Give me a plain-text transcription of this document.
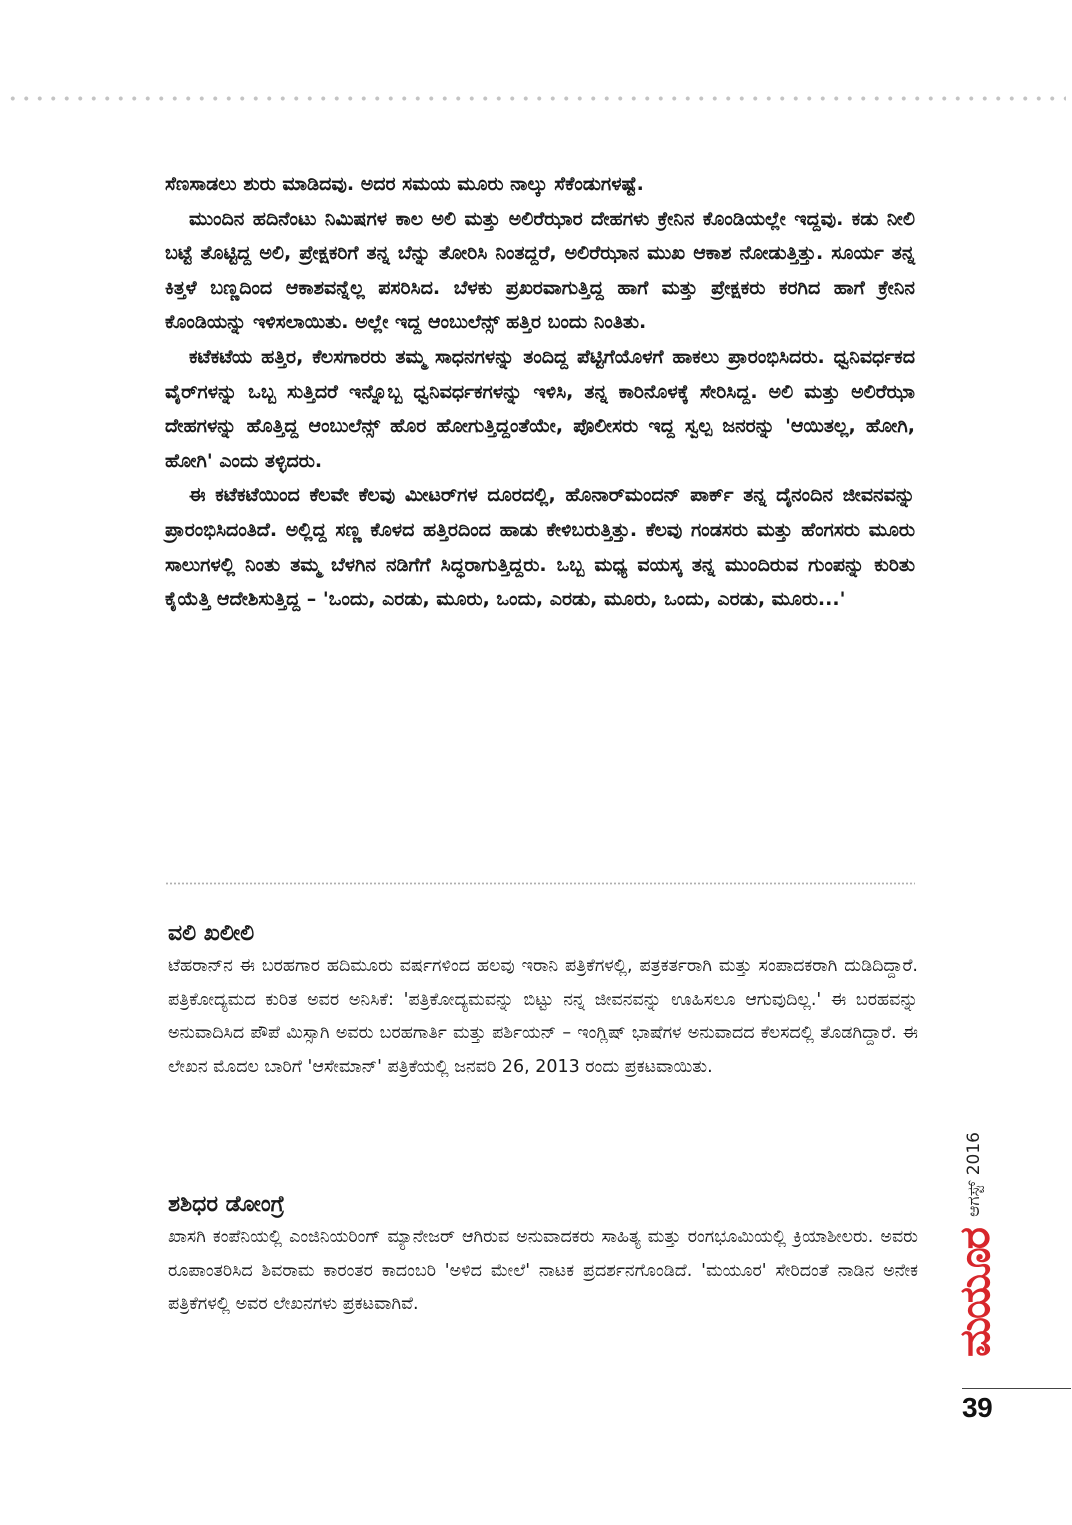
ಸೆಣಸಾಡಲು ಶುರು ಮಾಡಿದವು. ಅದರ ಸಮಯ ಮೂರು ನಾಲ್ಕು ಸೆಕೆಂಡುಗಳಷ್ಟೆ.

ಮುಂದಿನ ಹದಿನೆಂಟು ನಿಮಿಷಗಳ ಕಾಲ ಅಲಿ ಮತ್ತು ಅಲಿರೆಝಾರ ದೇಹಗಳು ಕ್ರೇನಿನ ಕೊಂಡಿಯಲ್ಲೇ ಇದ್ದವು. ಕಡು ನೀಲಿ ಬಟ್ಟೆ ತೊಟ್ಟಿದ್ದ ಅಲಿ, ಪ್ರೇಕ್ಷಕರಿಗೆ ತನ್ನ ಬೆನ್ನು ತೋರಿಸಿ ನಿಂತದ್ದರೆ, ಅಲಿರೆಝಾನ ಮುಖ ಆಕಾಶ ನೋಡುತ್ತಿತ್ತು. ಸೂರ್ಯ ತನ್ನ ಕಿತ್ತಳೆ ಬಣ್ಣದಿಂದ ಆಕಾಶವನ್ನೆಲ್ಲ ಪಸರಿಸಿದ. ಬೆಳಕು ಪ್ರಖರವಾಗುತ್ತಿದ್ದ ಹಾಗೆ ಮತ್ತು ಪ್ರೇಕ್ಷಕರು ಕರಗಿದ ಹಾಗೆ ಕ್ರೇನಿನ ಕೊಂಡಿಯನ್ನು ಇಳಿಸಲಾಯಿತು. ಅಲ್ಲೇ ಇದ್ದ ಆಂಬುಲೆನ್ಸ್ ಹತ್ತಿರ ಬಂದು ನಿಂತಿತು.

ಕಟೆಕಟೆಯ ಹತ್ತಿರ, ಕೆಲಸಗಾರರು ತಮ್ಮ ಸಾಧನಗಳನ್ನು ತಂದಿದ್ದ ಪೆಟ್ಟಿಗೆಯೊಳಗೆ ಹಾಕಲು ಪ್ರಾರಂಭಿಸಿದರು. ಧ್ವನಿವರ್ಧಕದ ವೈರ್‌ಗಳನ್ನು ಒಬ್ಬ ಸುತ್ತಿದರೆ ಇನ್ನೊಬ್ಬ ಧ್ವನಿವರ್ಧಕಗಳನ್ನು ಇಳಿಸಿ, ತನ್ನ ಕಾರಿನೊಳಕ್ಕೆ ಸೇರಿಸಿದ್ದ. ಅಲಿ ಮತ್ತು ಅಲಿರೆಝಾ ದೇಹಗಳನ್ನು ಹೊತ್ತಿದ್ದ ಆಂಬುಲೆನ್ಸ್ ಹೊರ ಹೋಗುತ್ತಿದ್ದಂತೆಯೇ, ಪೊಲೀಸರು ಇದ್ದ ಸ್ವಲ್ಪ ಜನರನ್ನು 'ಆಯಿತಲ್ಲ, ಹೋಗಿ, ಹೋಗಿ' ಎಂದು ತಳ್ಳಿದರು.

ಈ ಕಟೆಕಟೆಯಿಂದ ಕೆಲವೇ ಕೆಲವು ಮೀಟರ್‌ಗಳ ದೂರದಲ್ಲಿ, ಹೊನಾರ್‌ಮಂದನ್ ಪಾರ್ಕ್ ತನ್ನ ದೈನಂದಿನ ಜೀವನವನ್ನು ಪ್ರಾರಂಭಿಸಿದಂತಿದೆ. ಅಲ್ಲಿದ್ದ ಸಣ್ಣ ಕೊಳದ ಹತ್ತಿರದಿಂದ ಹಾಡು ಕೇಳಿಬರುತ್ತಿತ್ತು. ಕೆಲವು ಗಂಡಸರು ಮತ್ತು ಹೆಂಗಸರು ಮೂರು ಸಾಲುಗಳಲ್ಲಿ ನಿಂತು ತಮ್ಮ ಬೆಳಗಿನ ನಡಿಗೆಗೆ ಸಿದ್ಧರಾಗುತ್ತಿದ್ದರು. ಒಬ್ಬ ಮಧ್ಯ ವಯಸ್ಕ ತನ್ನ ಮುಂದಿರುವ ಗುಂಪನ್ನು ಕುರಿತು ಕೈಯೆತ್ತಿ ಆದೇಶಿಸುತ್ತಿದ್ದ – 'ಒಂದು, ಎರಡು, ಮೂರು, ಒಂದು, ಎರಡು, ಮೂರು, ಒಂದು, ಎರಡು, ಮೂರು...'

ವಲಿ ಖಲೀಲಿ

ಟೆಹರಾನ್‌ನ ಈ ಬರಹಗಾರ ಹದಿಮೂರು ವರ್ಷಗಳಿಂದ ಹಲವು ಇರಾನಿ ಪತ್ರಿಕೆಗಳಲ್ಲಿ, ಪತ್ರಕರ್ತರಾಗಿ ಮತ್ತು ಸಂಪಾದಕರಾಗಿ ದುಡಿದಿದ್ದಾರೆ. ಪತ್ರಿಕೋದ್ಯಮದ ಕುರಿತ ಅವರ ಅನಿಸಿಕೆ: 'ಪತ್ರಿಕೋದ್ಯಮವನ್ನು ಬಿಟ್ಟು ನನ್ನ ಜೀವನವನ್ನು ಊಹಿಸಲೂ ಆಗುವುದಿಲ್ಲ.' ಈ ಬರಹವನ್ನು ಅನುವಾದಿಸಿದ ಪೌಪೆ ಮಿಸ್ಸಾಗಿ ಅವರು ಬರಹಗಾರ್ತಿ ಮತ್ತು ಪರ್ಶಿಯನ್ – ಇಂಗ್ಲಿಷ್ ಭಾಷೆಗಳ ಅನುವಾದದ ಕೆಲಸದಲ್ಲಿ ತೊಡಗಿದ್ದಾರೆ. ಈ ಲೇಖನ ಮೊದಲ ಬಾರಿಗೆ 'ಆಸೇಮಾನ್' ಪತ್ರಿಕೆಯಲ್ಲಿ ಜನವರಿ 26, 2013 ರಂದು ಪ್ರಕಟವಾಯಿತು.

ಶಶಿಧರ ಡೋಂಗ್ರೆ

ಖಾಸಗಿ ಕಂಪೆನಿಯಲ್ಲಿ ಎಂಜಿನಿಯರಿಂಗ್ ಮ್ಯಾನೇಜರ್ ಆಗಿರುವ ಅನುವಾದಕರು ಸಾಹಿತ್ಯ ಮತ್ತು ರಂಗಭೂಮಿಯಲ್ಲಿ ಕ್ರಿಯಾಶೀಲರು. ಅವರು ರೂಪಾಂತರಿಸಿದ ಶಿವರಾಮ ಕಾರಂತರ ಕಾದಂಬರಿ 'ಅಳಿದ ಮೇಲೆ' ನಾಟಕ ಪ್ರದರ್ಶನಗೊಂಡಿದೆ. 'ಮಯೂರ' ಸೇರಿದಂತೆ ನಾಡಿನ ಅನೇಕ ಪತ್ರಿಕೆಗಳಲ್ಲಿ ಅವರ ಲೇಖನಗಳು ಪ್ರಕಟವಾಗಿವೆ.

ಆಗಸ್ಟ್ 2016
ಮಯೂರ
39
